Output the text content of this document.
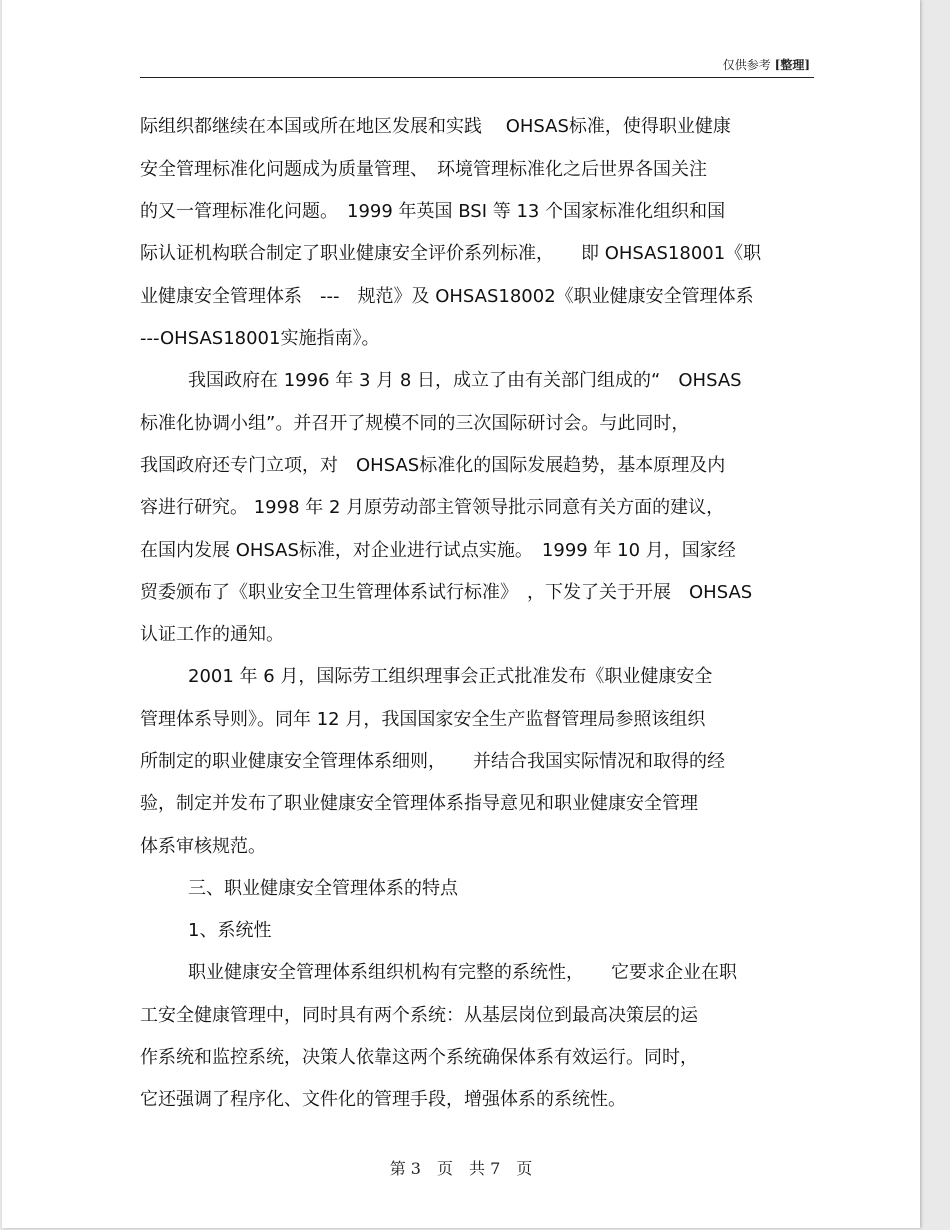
仅供参考 [整理]
际组织都继续在本国或所在地区发展和实践　 OHSAS标准，使得职业健康
安全管理标准化问题成为质量管理、　环境管理标准化之后世界各国关注
的又一管理标准化问题。　1999 年英国 BSI 等 13 个国家标准化组织和国
际认证机构联合制定了职业健康安全评价系列标准，　　即 OHSAS18001《职
业健康安全管理体系　---　规范》及 OHSAS18002《职业健康安全管理体系
---OHSAS18001实施指南》。
我国政府在 1996 年 3 月 8 日，成立了由有关部门组成的“　OHSAS
标准化协调小组”。并召开了规模不同的三次国际研讨会。与此同时，
我国政府还专门立项，对　OHSAS标准化的国际发展趋势，基本原理及内
容进行研究。 1998 年 2 月原劳动部主管领导批示同意有关方面的建议，
在国内发展 OHSAS标准，对企业进行试点实施。　1999 年 10 月，国家经
贸委颁布了《职业安全卫生管理体系试行标准》　，下发了关于开展　OHSAS
认证工作的通知。
2001 年 6 月，国际劳工组织理事会正式批准发布《职业健康安全
管理体系导则》。同年 12 月，我国国家安全生产监督管理局参照该组织
所制定的职业健康安全管理体系细则，　　并结合我国实际情况和取得的经
验，制定并发布了职业健康安全管理体系指导意见和职业健康安全管理
体系审核规范。
三、职业健康安全管理体系的特点
1、系统性
职业健康安全管理体系组织机构有完整的系统性，　　它要求企业在职
工安全健康管理中，同时具有两个系统：从基层岗位到最高决策层的运
作系统和监控系统，决策人依靠这两个系统确保体系有效运行。同时，
它还强调了程序化、文件化的管理手段，增强体系的系统性。
第 3　页　共 7　页
